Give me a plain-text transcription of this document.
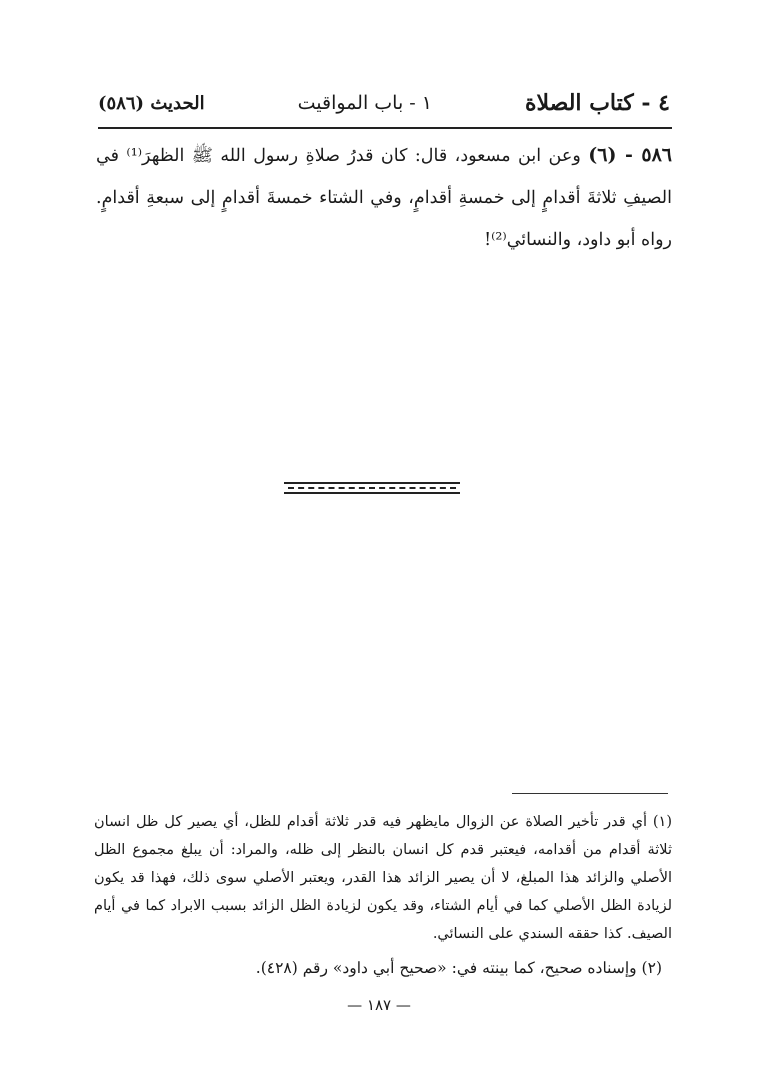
٤ - كتاب الصلاة
١ - باب المواقيت
الحديث (٥٨٦)
٥٨٦ - (٦) وعن ابن مسعود، قال: كان قدرُ صلاةِ رسول الله ﷺ الظهرَ⁽¹⁾ في الصيفِ ثلاثةَ أقدامٍ إلى خمسةِ أقدامٍ، وفي الشتاء خمسةَ أقدامٍ إلى سبعةِ أقدامٍ. رواه أبو داود، والنسائي⁽²⁾!
(١) أي قدر تأخير الصلاة عن الزوال مايظهر فيه قدر ثلاثة أقدام للظل، أي يصير كل ظل انسان ثلاثة أقدام من أقدامه، فيعتبر قدم كل انسان بالنظر إلى ظله، والمراد: أن يبلغ مجموع الظل الأصلي والزائد هذا المبلغ، لا أن يصير الزائد هذا القدر، ويعتبر الأصلي سوى ذلك، فهذا قد يكون لزيادة الظل الأصلي كما في أيام الشتاء، وقد يكون لزيادة الظل الزائد بسبب الابراد كما في أيام الصيف. كذا حققه السندي على النسائي.
(٢) وإسناده صحيح، كما بينته في: «صحيح أبي داود» رقم (٤٢٨).
— ١٨٧ —
